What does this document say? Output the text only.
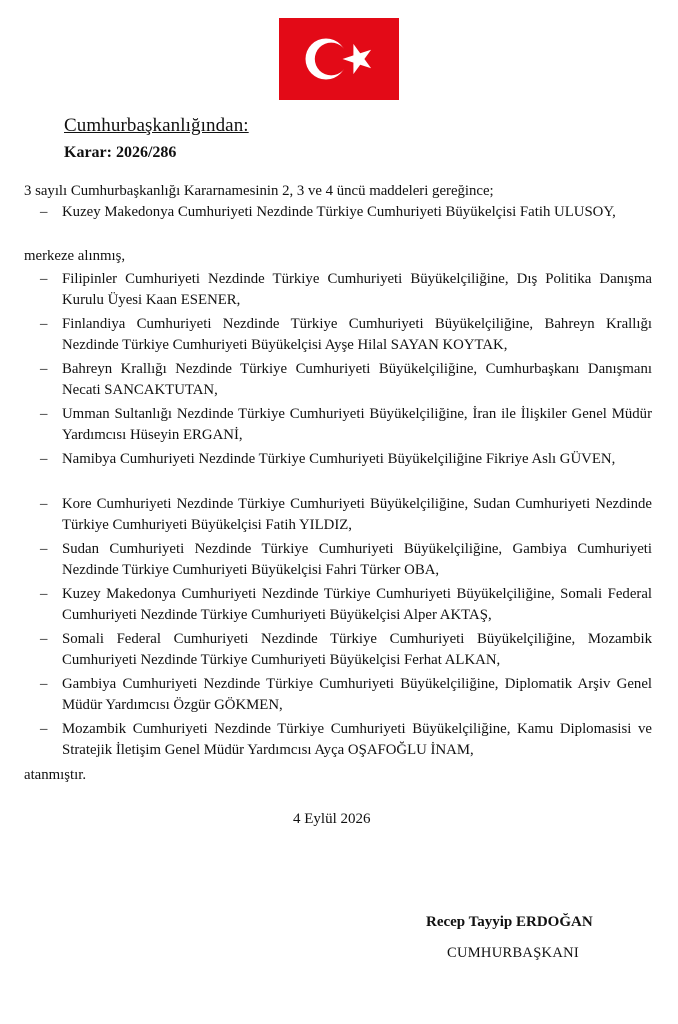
Cumhurbaşkanlığından:
Karar: 2026/286
3 sayılı Cumhurbaşkanlığı Kararnamesinin 2, 3 ve 4 üncü maddeleri gereğince;
– Kuzey Makedonya Cumhuriyeti Nezdinde Türkiye Cumhuriyeti Büyükelçisi Fatih ULUSOY,
merkeze alınmış,
– Filipinler Cumhuriyeti Nezdinde Türkiye Cumhuriyeti Büyükelçiliğine, Dış Politika Danışma Kurulu Üyesi Kaan ESENER,
– Finlandiya Cumhuriyeti Nezdinde Türkiye Cumhuriyeti Büyükelçiliğine, Bahreyn Krallığı Nezdinde Türkiye Cumhuriyeti Büyükelçisi Ayşe Hilal SAYAN KOYTAK,
– Bahreyn Krallığı Nezdinde Türkiye Cumhuriyeti Büyükelçiliğine, Cumhurbaşkanı Danışmanı Necati SANCAKTUTAN,
– Umman Sultanlığı Nezdinde Türkiye Cumhuriyeti Büyükelçiliğine, İran ile İlişkiler Genel Müdür Yardımcısı Hüseyin ERGANİ,
– Namibya Cumhuriyeti Nezdinde Türkiye Cumhuriyeti Büyükelçiliğine Fikriye Aslı GÜVEN,
– Kore Cumhuriyeti Nezdinde Türkiye Cumhuriyeti Büyükelçiliğine, Sudan Cumhuriyeti Nezdinde Türkiye Cumhuriyeti Büyükelçisi Fatih YILDIZ,
– Sudan Cumhuriyeti Nezdinde Türkiye Cumhuriyeti Büyükelçiliğine, Gambiya Cumhuriyeti Nezdinde Türkiye Cumhuriyeti Büyükelçisi Fahri Türker OBA,
– Kuzey Makedonya Cumhuriyeti Nezdinde Türkiye Cumhuriyeti Büyükelçiliğine, Somali Federal Cumhuriyeti Nezdinde Türkiye Cumhuriyeti Büyükelçisi Alper AKTAŞ,
– Somali Federal Cumhuriyeti Nezdinde Türkiye Cumhuriyeti Büyükelçiliğine, Mozambik Cumhuriyeti Nezdinde Türkiye Cumhuriyeti Büyükelçisi Ferhat ALKAN,
– Gambiya Cumhuriyeti Nezdinde Türkiye Cumhuriyeti Büyükelçiliğine, Diplomatik Arşiv Genel Müdür Yardımcısı Özgür GÖKMEN,
– Mozambik Cumhuriyeti Nezdinde Türkiye Cumhuriyeti Büyükelçiliğine, Kamu Diplomasisi ve Stratejik İletişim Genel Müdür Yardımcısı Ayça OŞAFOĞLU İNAM,
atanmıştır.
4 Eylül 2026
Recep Tayyip ERDOĞAN
CUMHURBAŞKANI
